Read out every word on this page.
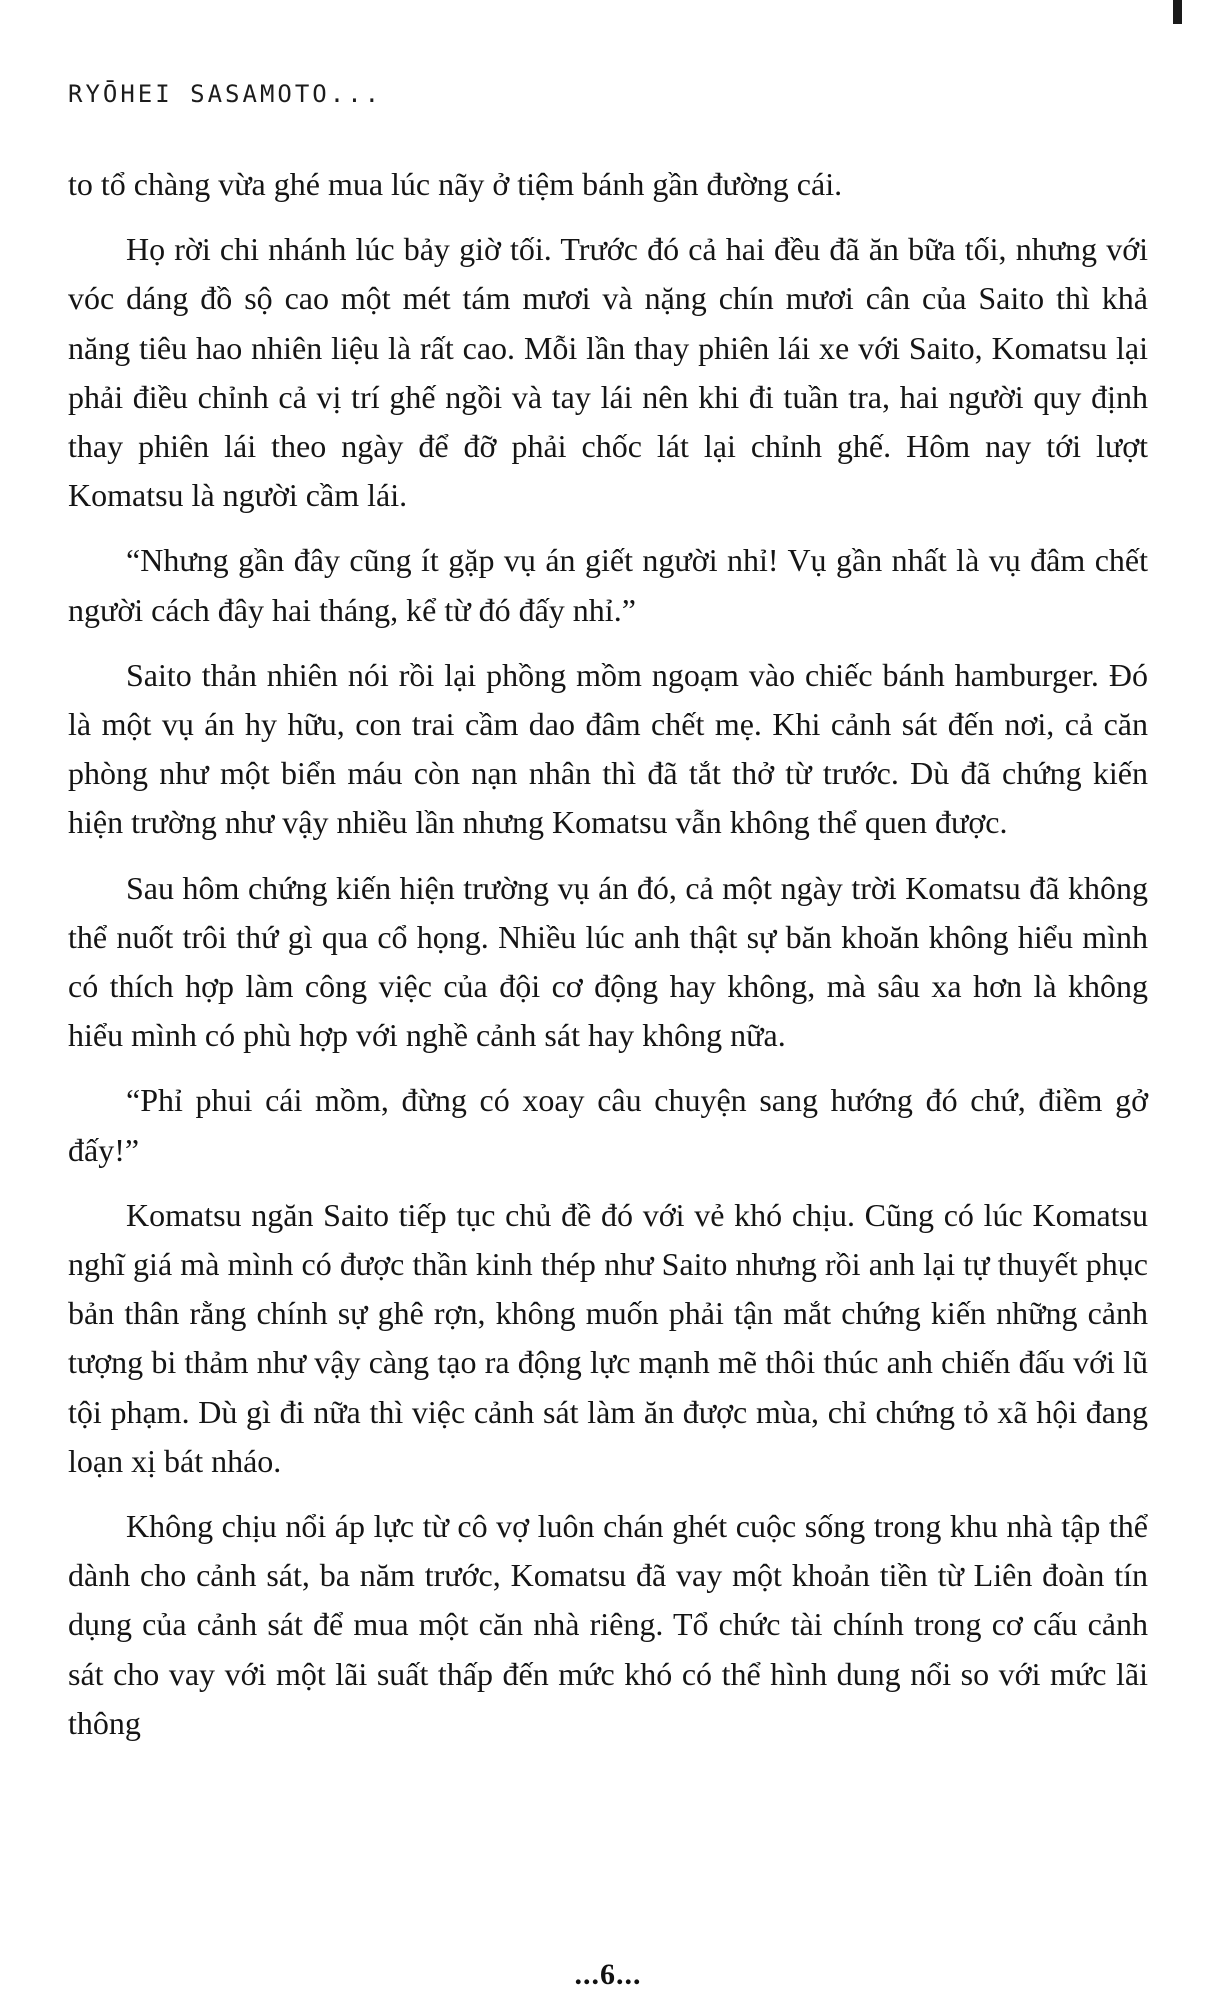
RYŌHEI SASAMOTO...

to tổ chàng vừa ghé mua lúc nãy ở tiệm bánh gần đường cái.

Họ rời chi nhánh lúc bảy giờ tối. Trước đó cả hai đều đã ăn bữa tối, nhưng với vóc dáng đồ sộ cao một mét tám mươi và nặng chín mươi cân của Saito thì khả năng tiêu hao nhiên liệu là rất cao. Mỗi lần thay phiên lái xe với Saito, Komatsu lại phải điều chỉnh cả vị trí ghế ngồi và tay lái nên khi đi tuần tra, hai người quy định thay phiên lái theo ngày để đỡ phải chốc lát lại chỉnh ghế. Hôm nay tới lượt Komatsu là người cầm lái.

“Nhưng gần đây cũng ít gặp vụ án giết người nhỉ! Vụ gần nhất là vụ đâm chết người cách đây hai tháng, kể từ đó đấy nhỉ.”

Saito thản nhiên nói rồi lại phồng mồm ngoạm vào chiếc bánh hamburger. Đó là một vụ án hy hữu, con trai cầm dao đâm chết mẹ. Khi cảnh sát đến nơi, cả căn phòng như một biển máu còn nạn nhân thì đã tắt thở từ trước. Dù đã chứng kiến hiện trường như vậy nhiều lần nhưng Komatsu vẫn không thể quen được.

Sau hôm chứng kiến hiện trường vụ án đó, cả một ngày trời Komatsu đã không thể nuốt trôi thứ gì qua cổ họng. Nhiều lúc anh thật sự băn khoăn không hiểu mình có thích hợp làm công việc của đội cơ động hay không, mà sâu xa hơn là không hiểu mình có phù hợp với nghề cảnh sát hay không nữa.

“Phỉ phui cái mồm, đừng có xoay câu chuyện sang hướng đó chứ, điềm gở đấy!”

Komatsu ngăn Saito tiếp tục chủ đề đó với vẻ khó chịu. Cũng có lúc Komatsu nghĩ giá mà mình có được thần kinh thép như Saito nhưng rồi anh lại tự thuyết phục bản thân rằng chính sự ghê rợn, không muốn phải tận mắt chứng kiến những cảnh tượng bi thảm như vậy càng tạo ra động lực mạnh mẽ thôi thúc anh chiến đấu với lũ tội phạm. Dù gì đi nữa thì việc cảnh sát làm ăn được mùa, chỉ chứng tỏ xã hội đang loạn xị bát nháo.

Không chịu nổi áp lực từ cô vợ luôn chán ghét cuộc sống trong khu nhà tập thể dành cho cảnh sát, ba năm trước, Komatsu đã vay một khoản tiền từ Liên đoàn tín dụng của cảnh sát để mua một căn nhà riêng. Tổ chức tài chính trong cơ cấu cảnh sát cho vay với một lãi suất thấp đến mức khó có thể hình dung nổi so với mức lãi thông

...6...
